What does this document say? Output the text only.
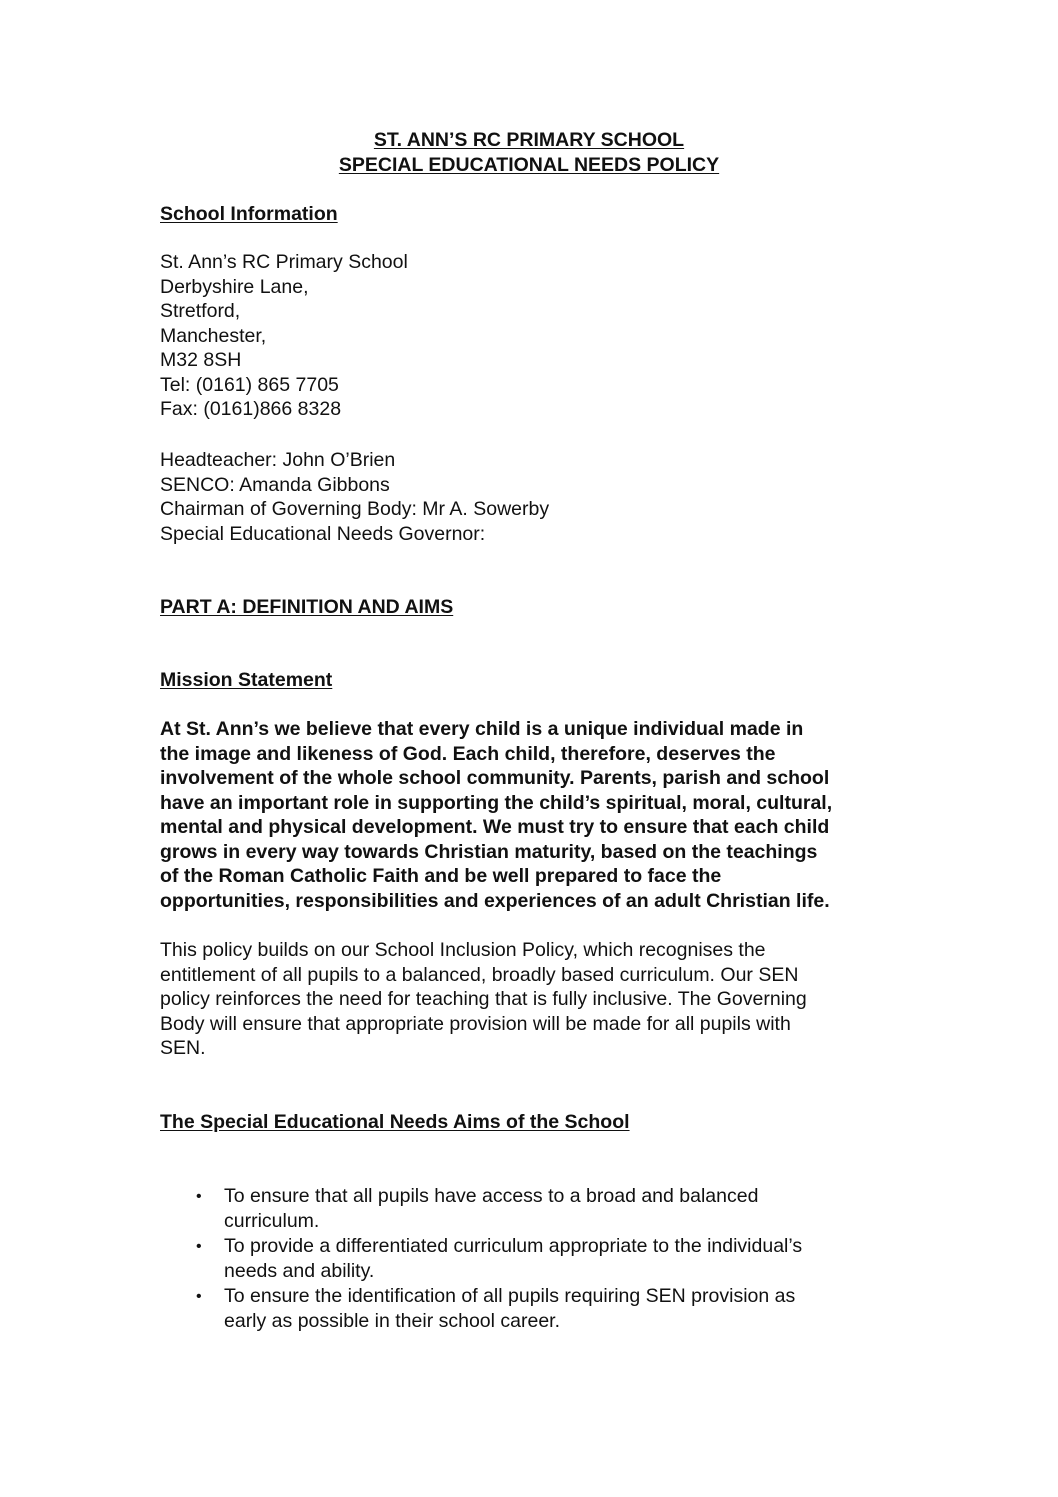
ST. ANN’S RC PRIMARY SCHOOL
SPECIAL EDUCATIONAL NEEDS POLICY
School Information
St. Ann’s RC Primary School
Derbyshire Lane,
Stretford,
Manchester,
M32 8SH
Tel: (0161) 865 7705
Fax: (0161)866 8328
Headteacher: John O’Brien
SENCO: Amanda Gibbons
Chairman of Governing Body: Mr A. Sowerby
Special Educational Needs Governor:
PART A: DEFINITION AND AIMS
Mission Statement
At St. Ann’s we believe that every child is a unique individual made in
the image and likeness of God. Each child, therefore, deserves the
involvement of the whole school community. Parents, parish and school
have an important role in supporting the child’s spiritual, moral, cultural,
mental and physical development. We must try to ensure that each child
grows in every way towards Christian maturity, based on the teachings
of the Roman Catholic Faith and be well prepared to face the
opportunities, responsibilities and experiences of an adult Christian life.
This policy builds on our School Inclusion Policy, which recognises the
entitlement of all pupils to a balanced, broadly based curriculum. Our SEN
policy reinforces the need for teaching that is fully inclusive. The Governing
Body will ensure that appropriate provision will be made for all pupils with
SEN.
The Special Educational Needs Aims of the School
• To ensure that all pupils have access to a broad and balanced
curriculum.
• To provide a differentiated curriculum appropriate to the individual’s
needs and ability.
• To ensure the identification of all pupils requiring SEN provision as
early as possible in their school career.
